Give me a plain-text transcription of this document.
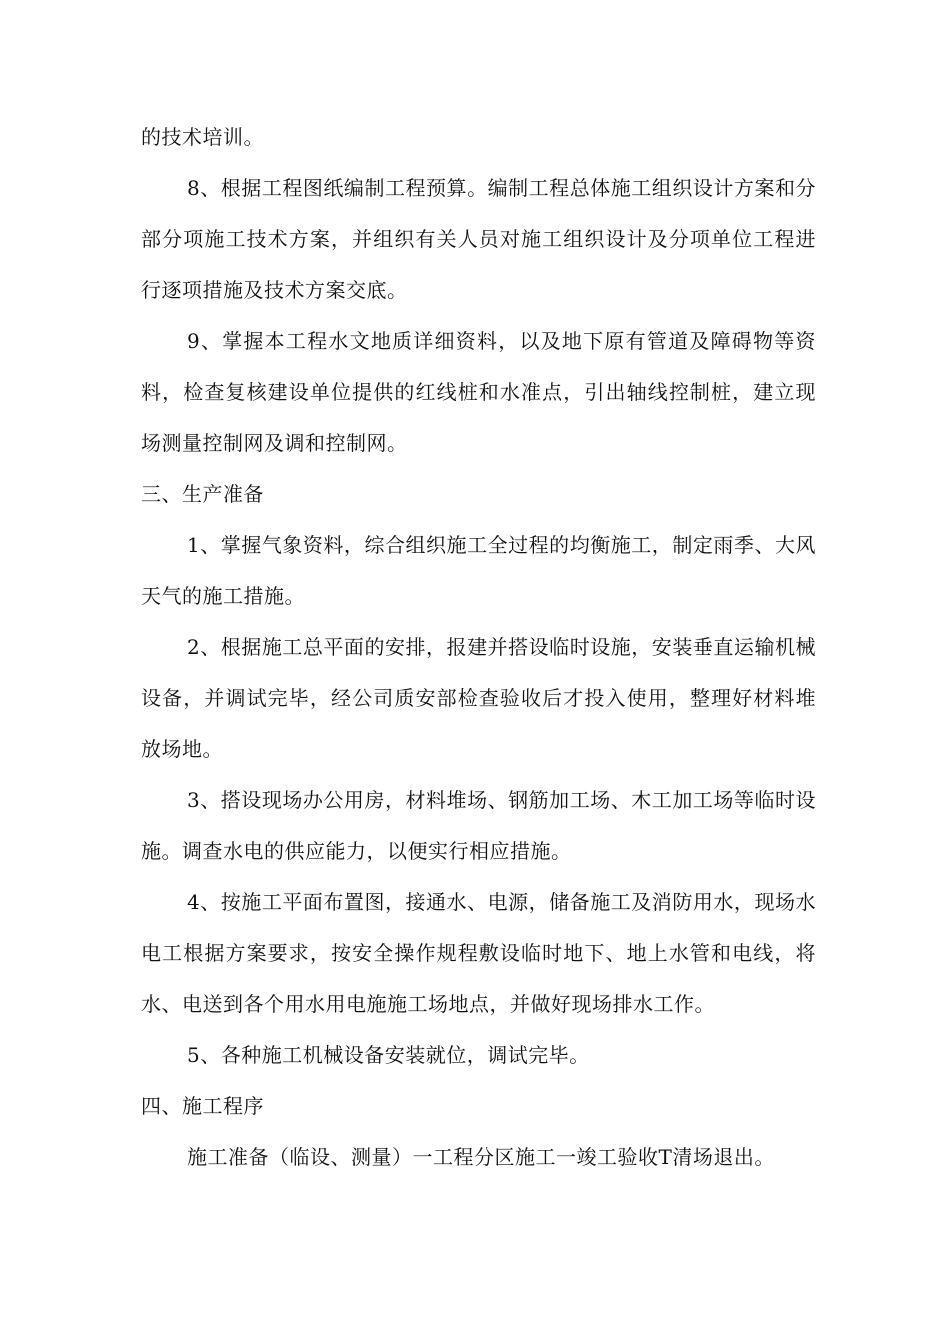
的技术培训。

8、根据工程图纸编制工程预算。编制工程总体施工组织设计方案和分部分项施工技术方案，并组织有关人员对施工组织设计及分项单位工程进行逐项措施及技术方案交底。

9、掌握本工程水文地质详细资料，以及地下原有管道及障碍物等资料，检查复核建设单位提供的红线桩和水准点，引出轴线控制桩，建立现场测量控制网及调和控制网。

三、生产准备

1、掌握气象资料，综合组织施工全过程的均衡施工，制定雨季、大风天气的施工措施。

2、根据施工总平面的安排，报建并搭设临时设施，安装垂直运输机械设备，并调试完毕，经公司质安部检查验收后才投入使用，整理好材料堆放场地。

3、搭设现场办公用房，材料堆场、钢筋加工场、木工加工场等临时设施。调查水电的供应能力，以便实行相应措施。

4、按施工平面布置图，接通水、电源，储备施工及消防用水，现场水电工根据方案要求，按安全操作规程敷设临时地下、地上水管和电线，将水、电送到各个用水用电施施工场地点，并做好现场排水工作。

5、各种施工机械设备安装就位，调试完毕。

四、施工程序

施工准备（临设、测量）一工程分区施工一竣工验收T清场退出。
